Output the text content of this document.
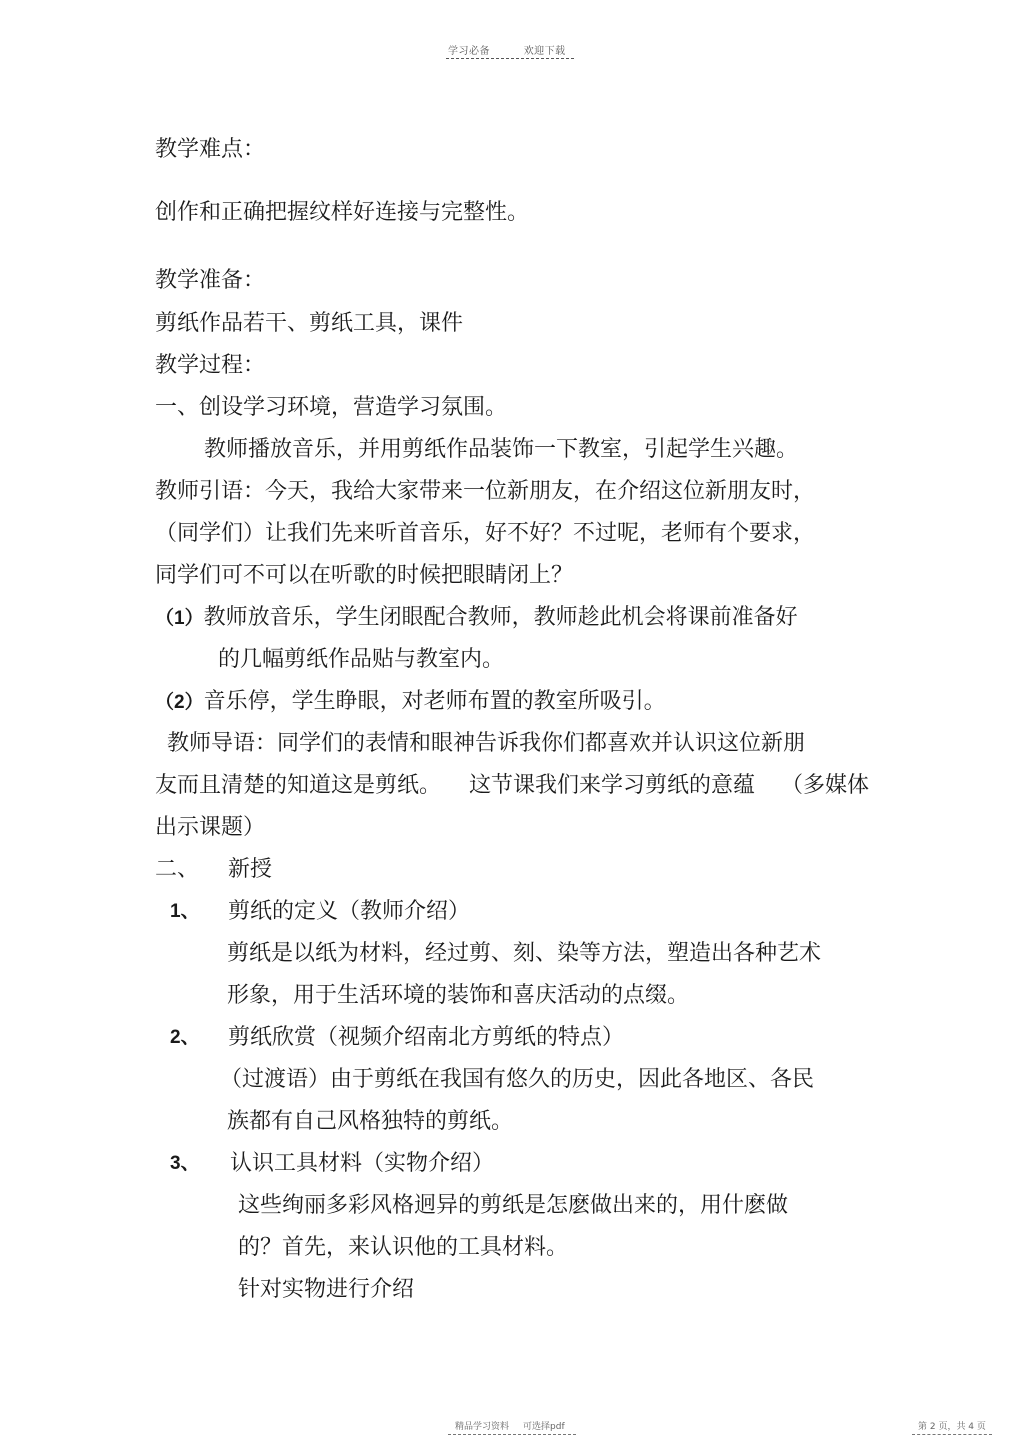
学习必备	欢迎下载
教学难点：
创作和正确把握纹样好连接与完整性。
教学准备：
剪纸作品若干、剪纸工具，课件
教学过程：
一、创设学习环境，营造学习氛围。
教师播放音乐，并用剪纸作品装饰一下教室，引起学生兴趣。
教师引语：今天，我给大家带来一位新朋友，在介绍这位新朋友时，
（同学们）让我们先来听首音乐，好不好？不过呢，老师有个要求，
同学们可不可以在听歌的时候把眼睛闭上？
（1）教师放音乐，学生闭眼配合教师，教师趁此机会将课前准备好
的几幅剪纸作品贴与教室内。
（2）音乐停，学生睁眼，对老师布置的教室所吸引。
教师导语：同学们的表情和眼神告诉我你们都喜欢并认识这位新朋
友而且清楚的知道这是剪纸。 这节课我们来学习剪纸的意蕴 （多媒体
出示课题）
二、 新授
1、 剪纸的定义（教师介绍）
剪纸是以纸为材料，经过剪、刻、染等方法，塑造出各种艺术
形象，用于生活环境的装饰和喜庆活动的点缀。
2、 剪纸欣赏（视频介绍南北方剪纸的特点）
（过渡语）由于剪纸在我国有悠久的历史，因此各地区、各民
族都有自己风格独特的剪纸。
3、 认识工具材料（实物介绍）
这些绚丽多彩风格迥异的剪纸是怎麽做出来的，用什麽做
的？首先，来认识他的工具材料。
针对实物进行介绍
精品学习资料 可选择pdf	第 2 页，共 4 页
